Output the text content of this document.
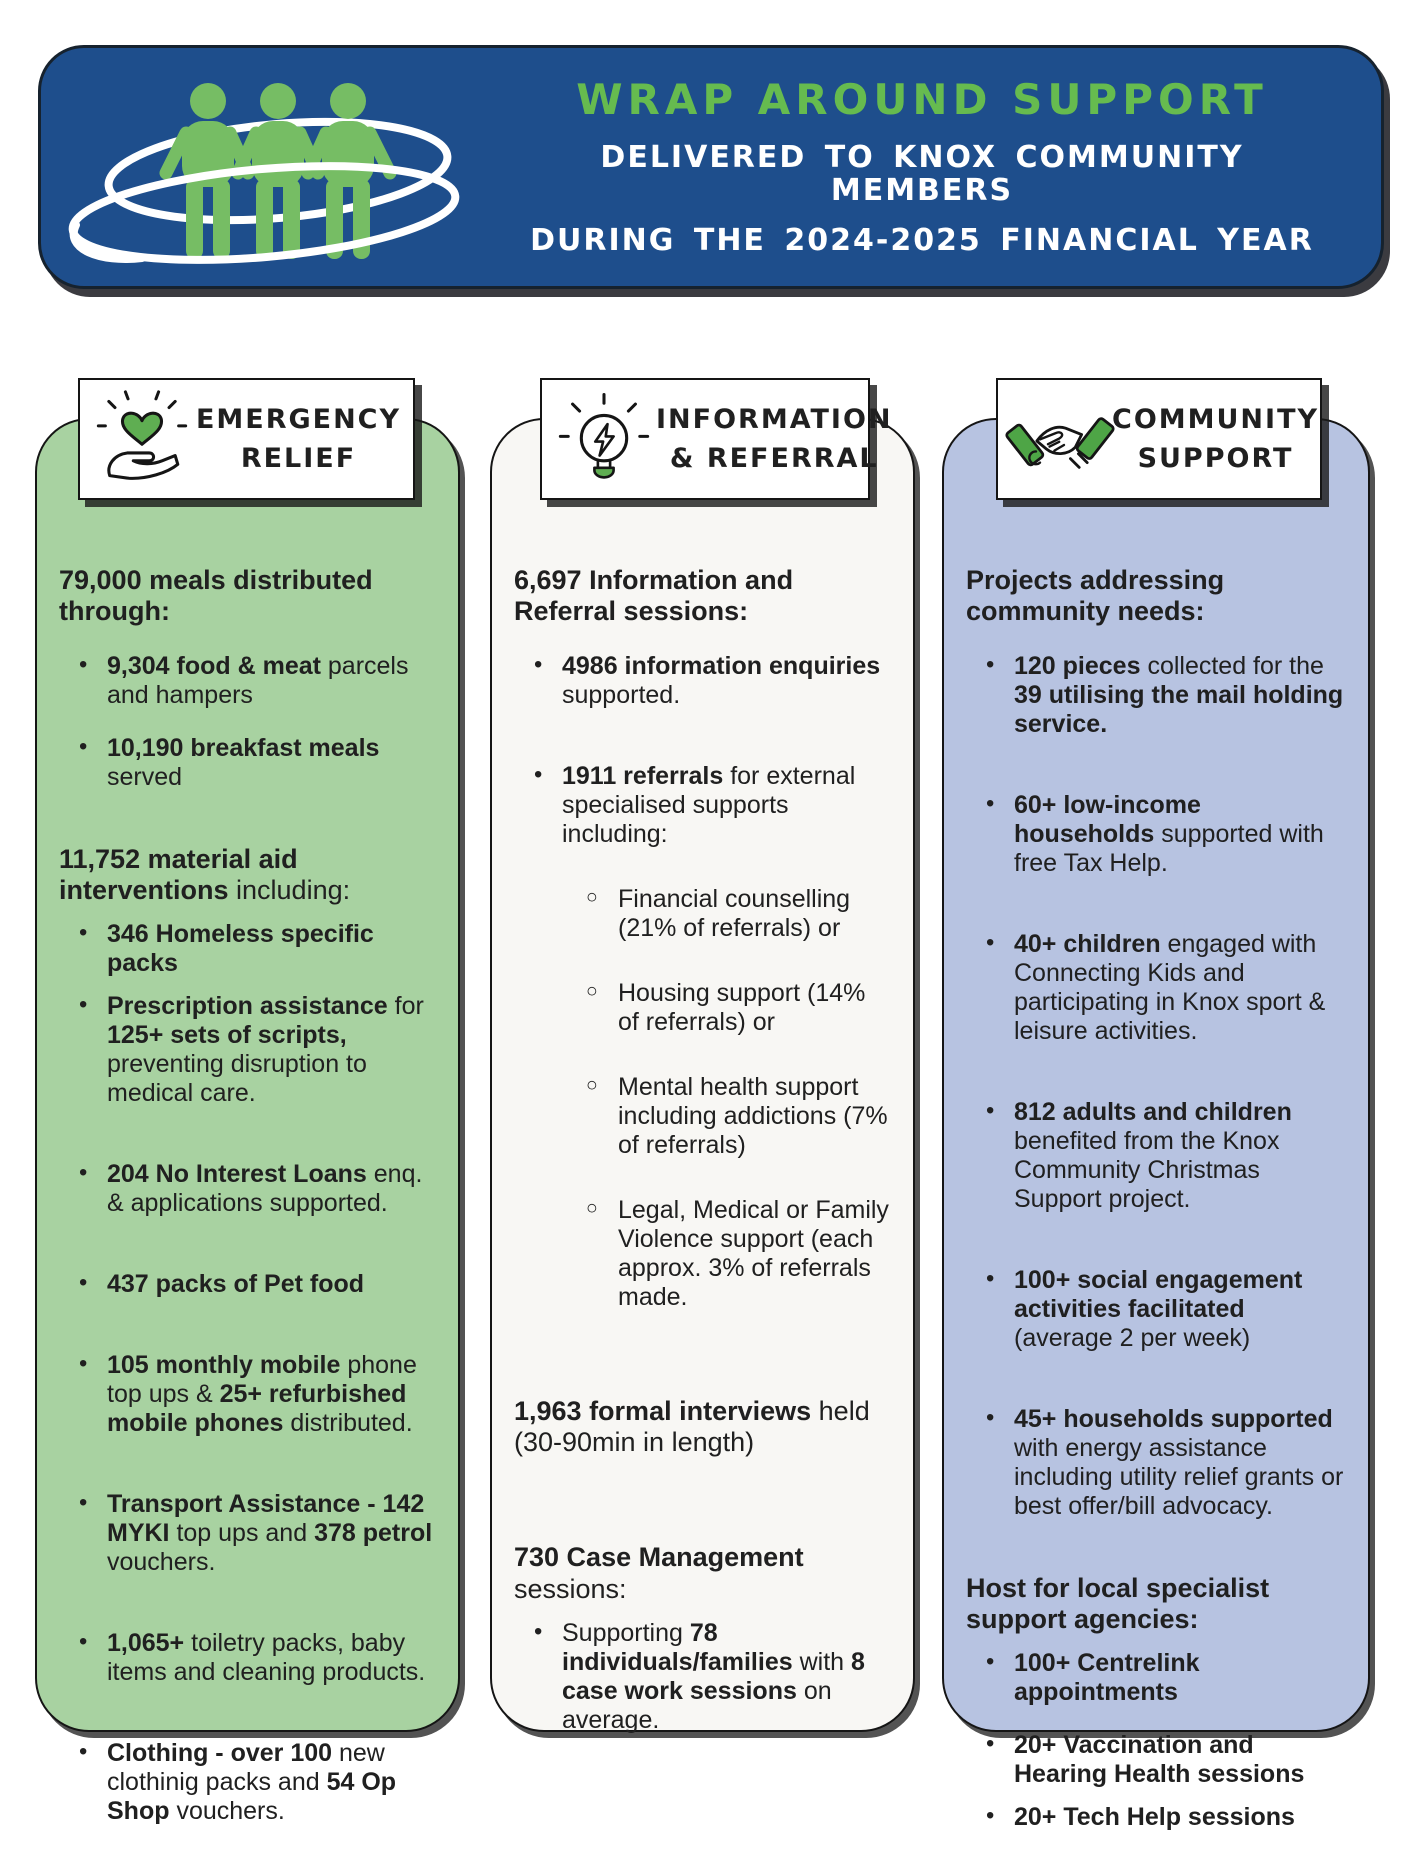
WRAP AROUND SUPPORT
DELIVERED TO KNOX COMMUNITY MEMBERS
DURING THE 2024-2025 FINANCIAL YEAR
79,000 meals distributed through:
• 9,304 food & meat parcels and hampers
• 10,190 breakfast meals served
11,752 material aid interventions including:
• 346 Homeless specific packs
• Prescription assistance for 125+ sets of scripts, preventing disruption to medical care.
• 204 No Interest Loans enq. & applications supported.
• 437 packs of Pet food
• 105 monthly mobile phone top ups & 25+ refurbished mobile phones distributed.
• Transport Assistance - 142 MYKI top ups and 378 petrol vouchers.
• 1,065+ toiletry packs, baby items and cleaning products.
• Clothing - over 100 new clothinig packs and 54 Op Shop vouchers.
6,697 Information and Referral sessions:
• 4986 information enquiries supported.
• 1911 referrals for external specialised supports including:
○ Financial counselling (21% of referrals) or
○ Housing support (14% of referrals) or
○ Mental health support including addictions (7% of referrals)
○ Legal, Medical or Family Violence support (each approx. 3% of referrals made.
1,963 formal interviews held (30-90min in length)
730 Case Management sessions:
• Supporting 78 individuals/families with 8 case work sessions on average.
Projects addressing community needs:
• 120 pieces collected for the 39 utilising the mail holding service.
• 60+ low-income households supported with free Tax Help.
• 40+ children engaged with Connecting Kids and participating in Knox sport & leisure activities.
• 812 adults and children benefited from the Knox Community Christmas Support project.
• 100+ social engagement activities facilitated (average 2 per week)
• 45+ households supported with energy assistance including utility relief grants or best offer/bill advocacy.
Host for local specialist support agencies:
• 100+ Centrelink appointments
• 20+ Vaccination and Hearing Health sessions
• 20+ Tech Help sessions
EMERGENCY
RELIEF
INFORMATION
& REFERRAL
COMMUNITY
SUPPORT
